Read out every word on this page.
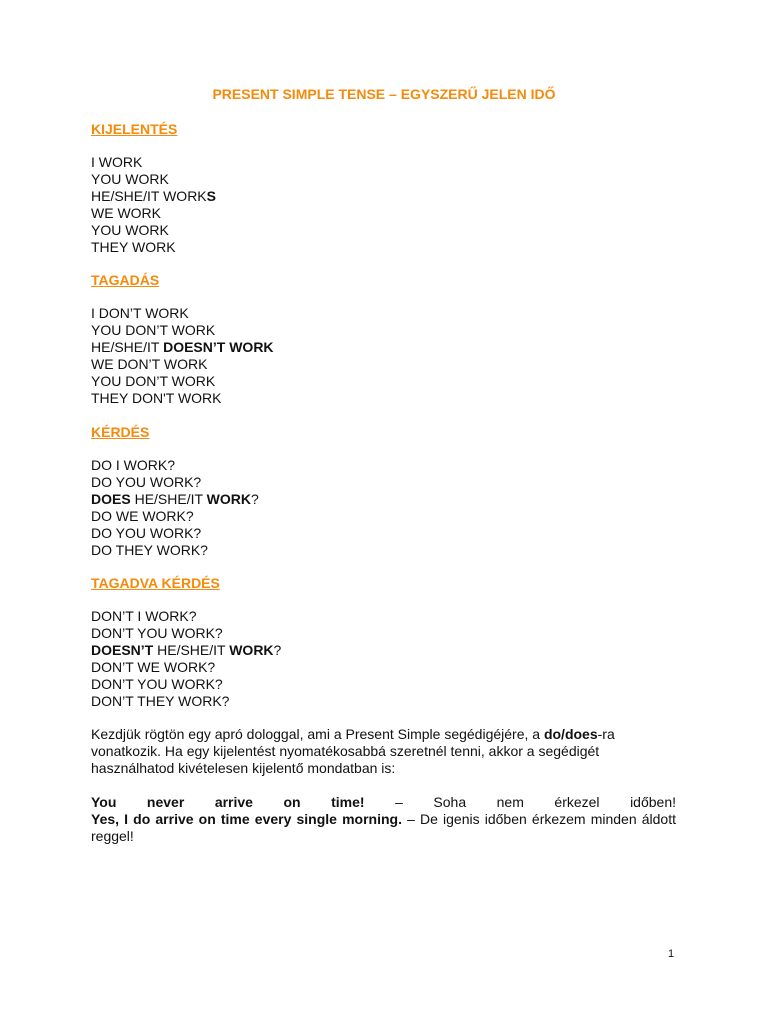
PRESENT SIMPLE TENSE – EGYSZERŰ JELEN IDŐ
KIJELENTÉS
I WORK
YOU WORK
HE/SHE/IT WORKS
WE WORK
YOU WORK
THEY WORK
TAGADÁS
I DON’T WORK
YOU DON’T WORK
HE/SHE/IT DOESN’T WORK
WE DON’T WORK
YOU DON’T WORK
THEY DON'T WORK
KÉRDÉS
DO I WORK?
DO YOU WORK?
DOES HE/SHE/IT WORK?
DO WE WORK?
DO YOU WORK?
DO THEY WORK?
TAGADVA KÉRDÉS
DON’T I WORK?
DON’T YOU WORK?
DOESN’T HE/SHE/IT WORK?
DON’T WE WORK?
DON’T YOU WORK?
DON’T THEY WORK?
Kezdjük rögtön egy apró dologgal, ami a Present Simple segédigéjére, a do/does-ra vonatkozik. Ha egy kijelentést nyomatékosabbá szeretnél tenni, akkor a segédigét használhatod kivételesen kijelentő mondatban is:
You never arrive on time! – Soha nem érkezel időben!
Yes, I do arrive on time every single morning. – De igenis időben érkezem minden áldott reggel!
1
